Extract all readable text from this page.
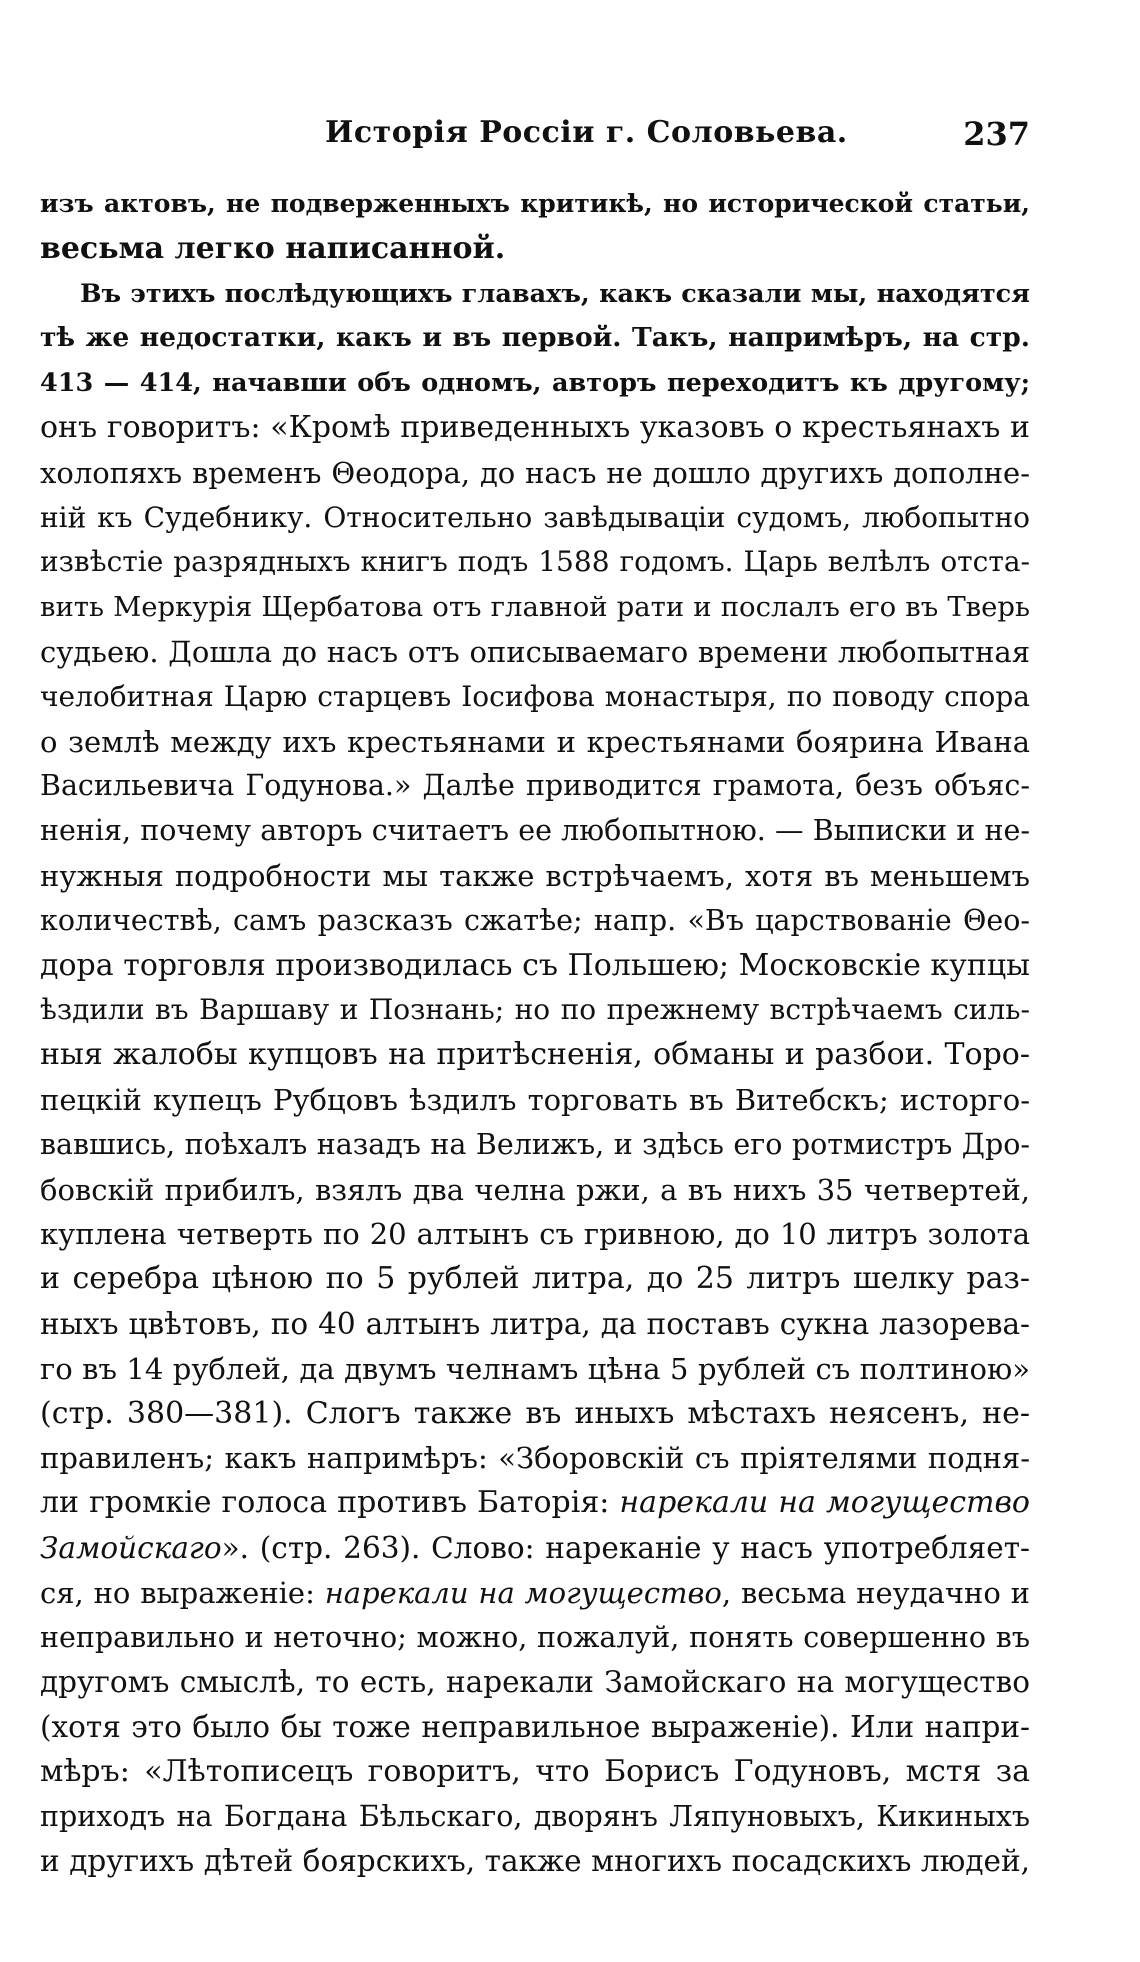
Исторія Россіи г. Соловьева.	237
изъ актовъ, не подверженныхъ критикѣ, но исторической статьи,
весьма легко написанной.
Въ этихъ послѣдующихъ главахъ, какъ сказали мы, находятся
тѣ же недостатки, какъ и въ первой. Такъ, напримѣръ, на стр.
413 — 414, начавши объ одномъ, авторъ переходитъ къ другому;
онъ говоритъ: «Кромѣ приведенныхъ указовъ о крестьянахъ и
холопяхъ временъ Θеодора, до насъ не дошло другихъ дополне-
ній къ Судебнику. Относительно завѣдываціи судомъ, любопытно
извѣстіе разрядныхъ книгъ подъ 1588 годомъ. Царь велѣлъ отста-
вить Меркурія Щербатова отъ главной рати и послалъ его въ Тверь
судьею. Дошла до насъ отъ описываемаго времени любопытная
челобитная Царю старцевъ Іосифова монастыря, по поводу спора
о землѣ между ихъ крестьянами и крестьянами боярина Ивана
Васильевича Годунова.» Далѣе приводится грамота, безъ объяс-
ненія, почему авторъ считаетъ ее любопытною. — Выписки и не-
нужныя подробности мы также встрѣчаемъ, хотя въ меньшемъ
количествѣ, самъ разсказъ сжатѣе; напр. «Въ царствованіе Θео-
дора торговля производилась съ Польшею; Московскіе купцы
ѣздили въ Варшаву и Познань; но по прежнему встрѣчаемъ силь-
ныя жалобы купцовъ на притѣсненія, обманы и разбои. Торо-
пецкій купецъ Рубцовъ ѣздилъ торговать въ Витебскъ; исторго-
вавшись, поѣхалъ назадъ на Велижъ, и здѣсь его ротмистръ Дро-
бовскій прибилъ, взялъ два челна ржи, а въ нихъ 35 четвертей,
куплена четверть по 20 алтынъ съ гривною, до 10 литръ золота
и серебра цѣною по 5 рублей литра, до 25 литръ шелку раз-
ныхъ цвѣтовъ, по 40 алтынъ литра, да поставъ сукна лазорева-
го въ 14 рублей, да двумъ челнамъ цѣна 5 рублей съ полтиною»
(стр. 380—381). Слогъ также въ иныхъ мѣстахъ неясенъ, не-
правиленъ; какъ напримѣръ: «Зборовскій съ пріятелями подня-
ли громкіе голоса противъ Баторія: нарекали на могущество
Замойскаго». (стр. 263). Слово: нареканіе у насъ употребляет-
ся, но выраженіе: нарекали на могущество, весьма неудачно и
неправильно и неточно; можно, пожалуй, понять совершенно въ
другомъ смыслѣ, то есть, нарекали Замойскаго на могущество
(хотя это было бы тоже неправильное выраженіе). Или напри-
мѣръ: «Лѣтописецъ говоритъ, что Борисъ Годуновъ, мстя за
приходъ на Богдана Бѣльскаго, дворянъ Ляпуновыхъ, Кикиныхъ
и другихъ дѣтей боярскихъ, также многихъ посадскихъ людей,
